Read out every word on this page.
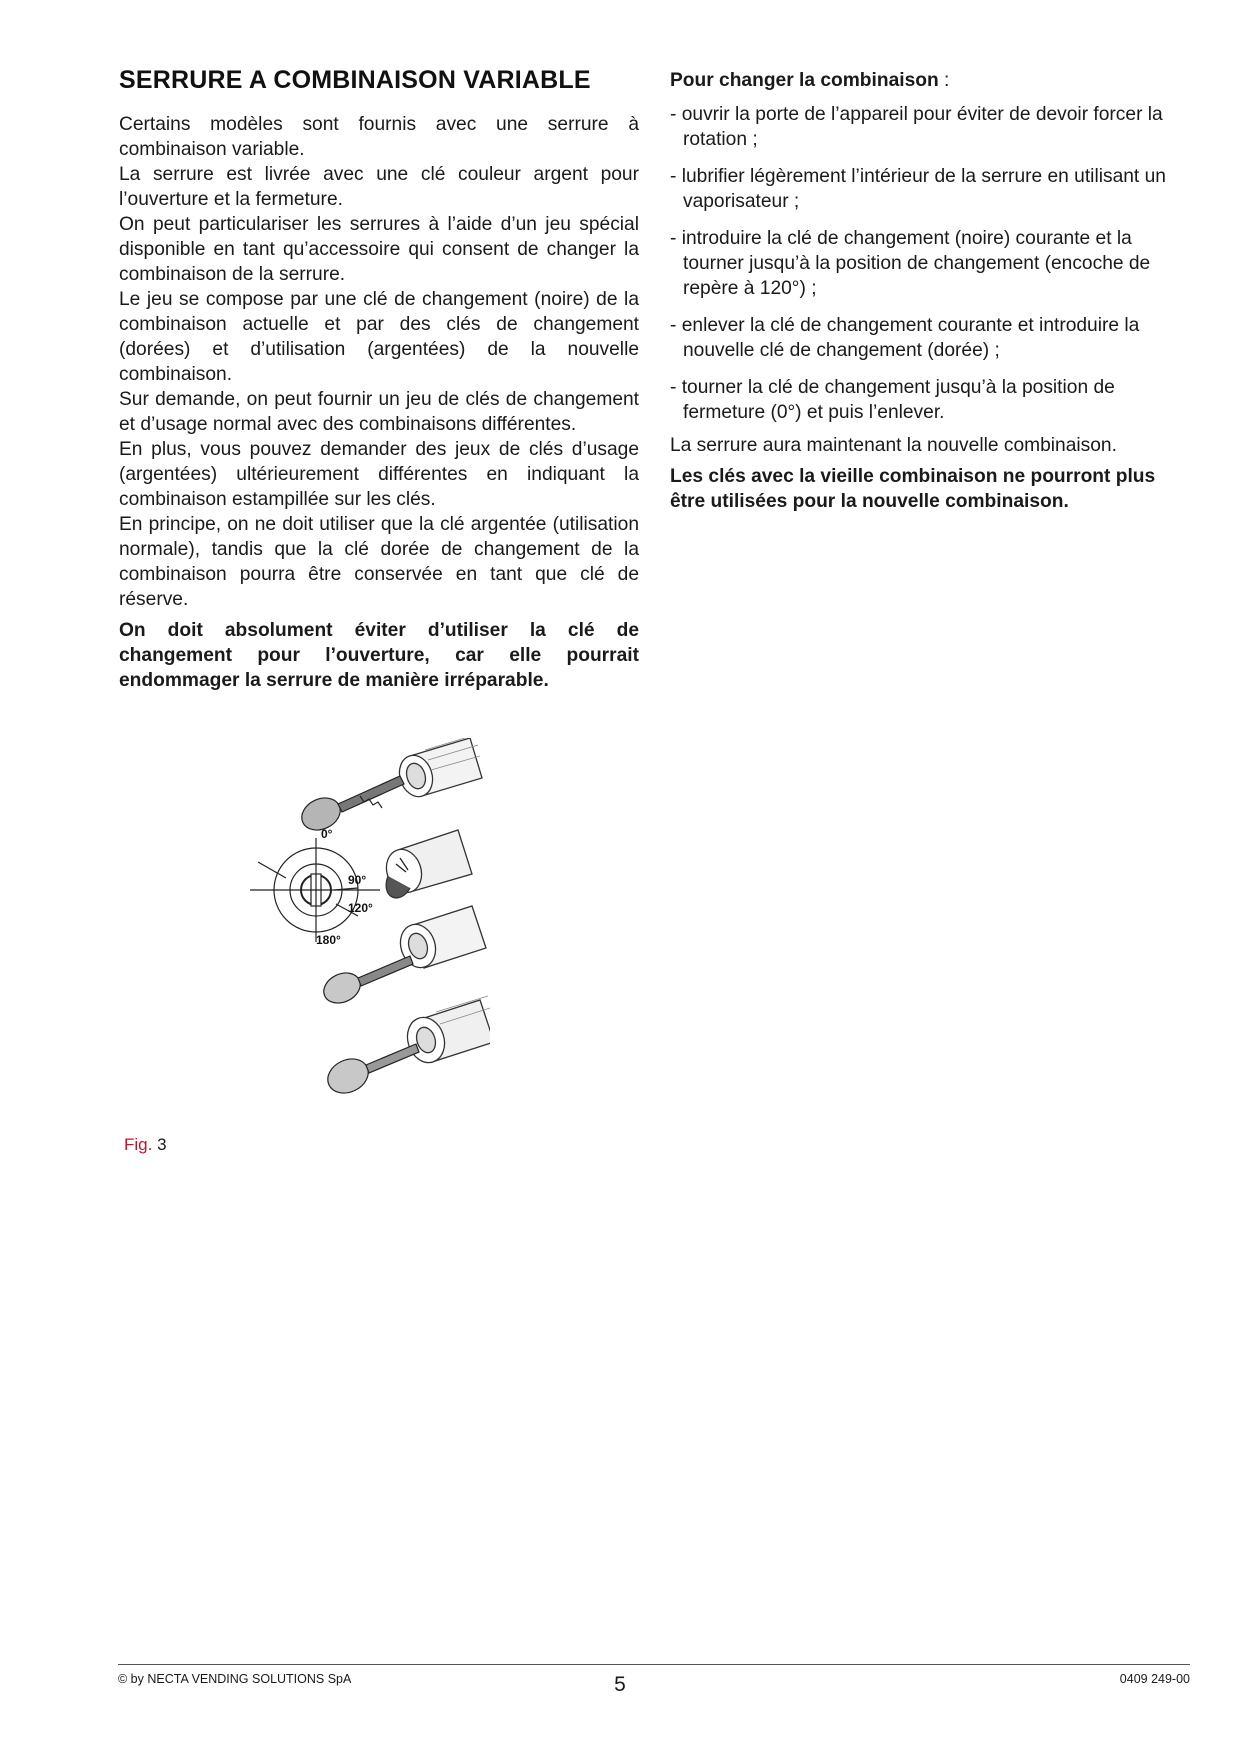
SERRURE A COMBINAISON VARIABLE

Certains modèles sont fournis avec une serrure à combinaison variable.

La serrure est livrée avec une clé couleur argent pour l’ouverture et la fermeture.

On peut particulariser les serrures à l’aide d’un jeu spécial disponible en tant qu’accessoire qui consent de changer la combinaison de la serrure.

Le jeu se compose par une clé de changement (noire) de la combinaison actuelle et par des clés de changement (dorées) et d’utilisation (argentées) de la nouvelle combinaison.

Sur demande, on peut fournir un jeu de clés de changement et d’usage normal avec des combinaisons différentes.

En plus, vous pouvez demander des jeux de clés d’usage (argentées) ultérieurement différentes en indiquant la combinaison estampillée sur les clés.

En principe, on ne doit utiliser que la clé argentée (utilisation normale), tandis que la clé dorée de changement de la combinaison pourra être conservée en tant que clé de réserve.

On doit absolument éviter d’utiliser la clé de changement pour l’ouverture, car elle pourrait endommager la serrure de manière irréparable.

Pour changer la combinaison :

- ouvrir la porte de l’appareil pour éviter de devoir forcer la rotation ;
- lubrifier légèrement l’intérieur de la serrure en utilisant un vaporisateur ;
- introduire la clé de changement (noire) courante et la tourner jusqu’à la position de changement (encoche de repère à 120°) ;
- enlever la clé de changement courante et introduire la nouvelle clé de changement (dorée) ;
- tourner la clé de changement jusqu’à la position de fermeture (0°) et puis l’enlever.

La serrure aura maintenant la nouvelle combinaison.

Les clés avec la vieille combinaison ne pourront plus être utilisées pour la nouvelle combinaison.

0°
90°
120°
180°
Fig. 3
© by NECTA VENDING SOLUTIONS SpA	5	0409 249-00
